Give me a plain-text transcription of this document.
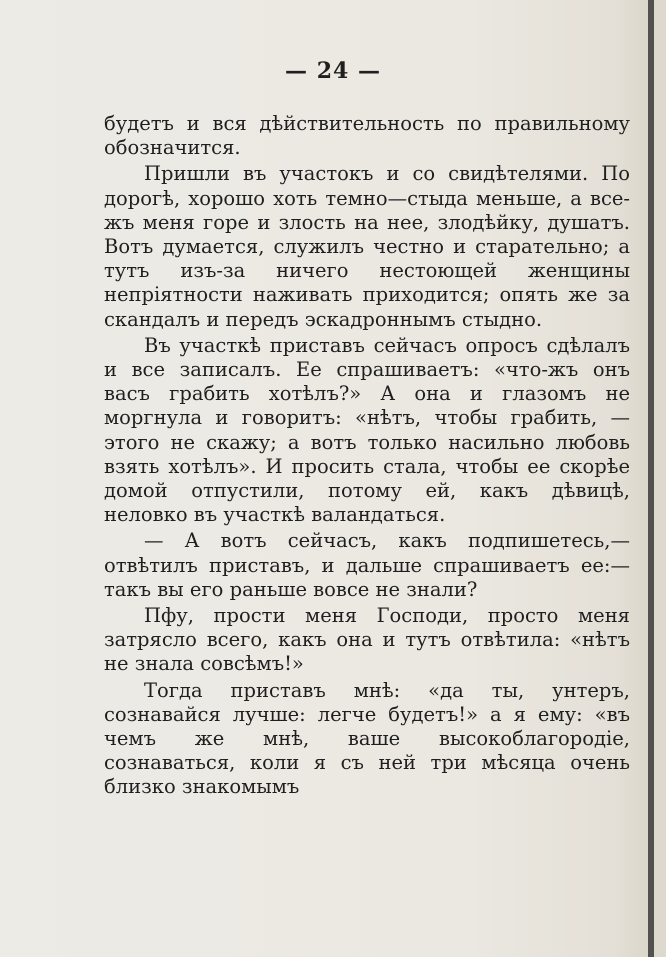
— 24 —

будетъ и вся дѣйствительность по правильному обозначится.

Пришли въ участокъ и со свидѣтелями. По дорогѣ, хорошо хоть темно—стыда меньше, а все-жъ меня горе и злость на нее, злодѣйку, душатъ. Вотъ думается, служилъ честно и старательно; а тутъ изъ-за ничего нестоющей женщины непріятности наживать приходится; опять же за скандалъ и передъ эскадроннымъ стыдно.

Въ участкѣ приставъ сейчасъ опросъ сдѣлалъ и все записалъ. Ее спрашиваетъ: «что-жъ онъ васъ грабить хотѣлъ?» А она и глазомъ не моргнула и говоритъ: «нѣтъ, чтобы грабить, —этого не скажу; а вотъ только насильно любовь взять хотѣлъ». И просить стала, чтобы ее скорѣе домой отпустили, потому ей, какъ дѣвицѣ, неловко въ участкѣ валандаться.

— А вотъ сейчасъ, какъ подпишетесь,—отвѣтилъ приставъ, и дальше спрашиваетъ ее:—такъ вы его раньше вовсе не знали?

Пфу, прости меня Господи, просто меня затрясло всего, какъ она и тутъ отвѣтила: «нѣтъ не знала совсѣмъ!»

Тогда приставъ мнѣ: «да ты, унтеръ, сознавайся лучше: легче будетъ!» а я ему: «въ чемъ же мнѣ, ваше высокоблагородіе, сознаваться, коли я съ ней три мѣсяца очень близко знакомымъ
